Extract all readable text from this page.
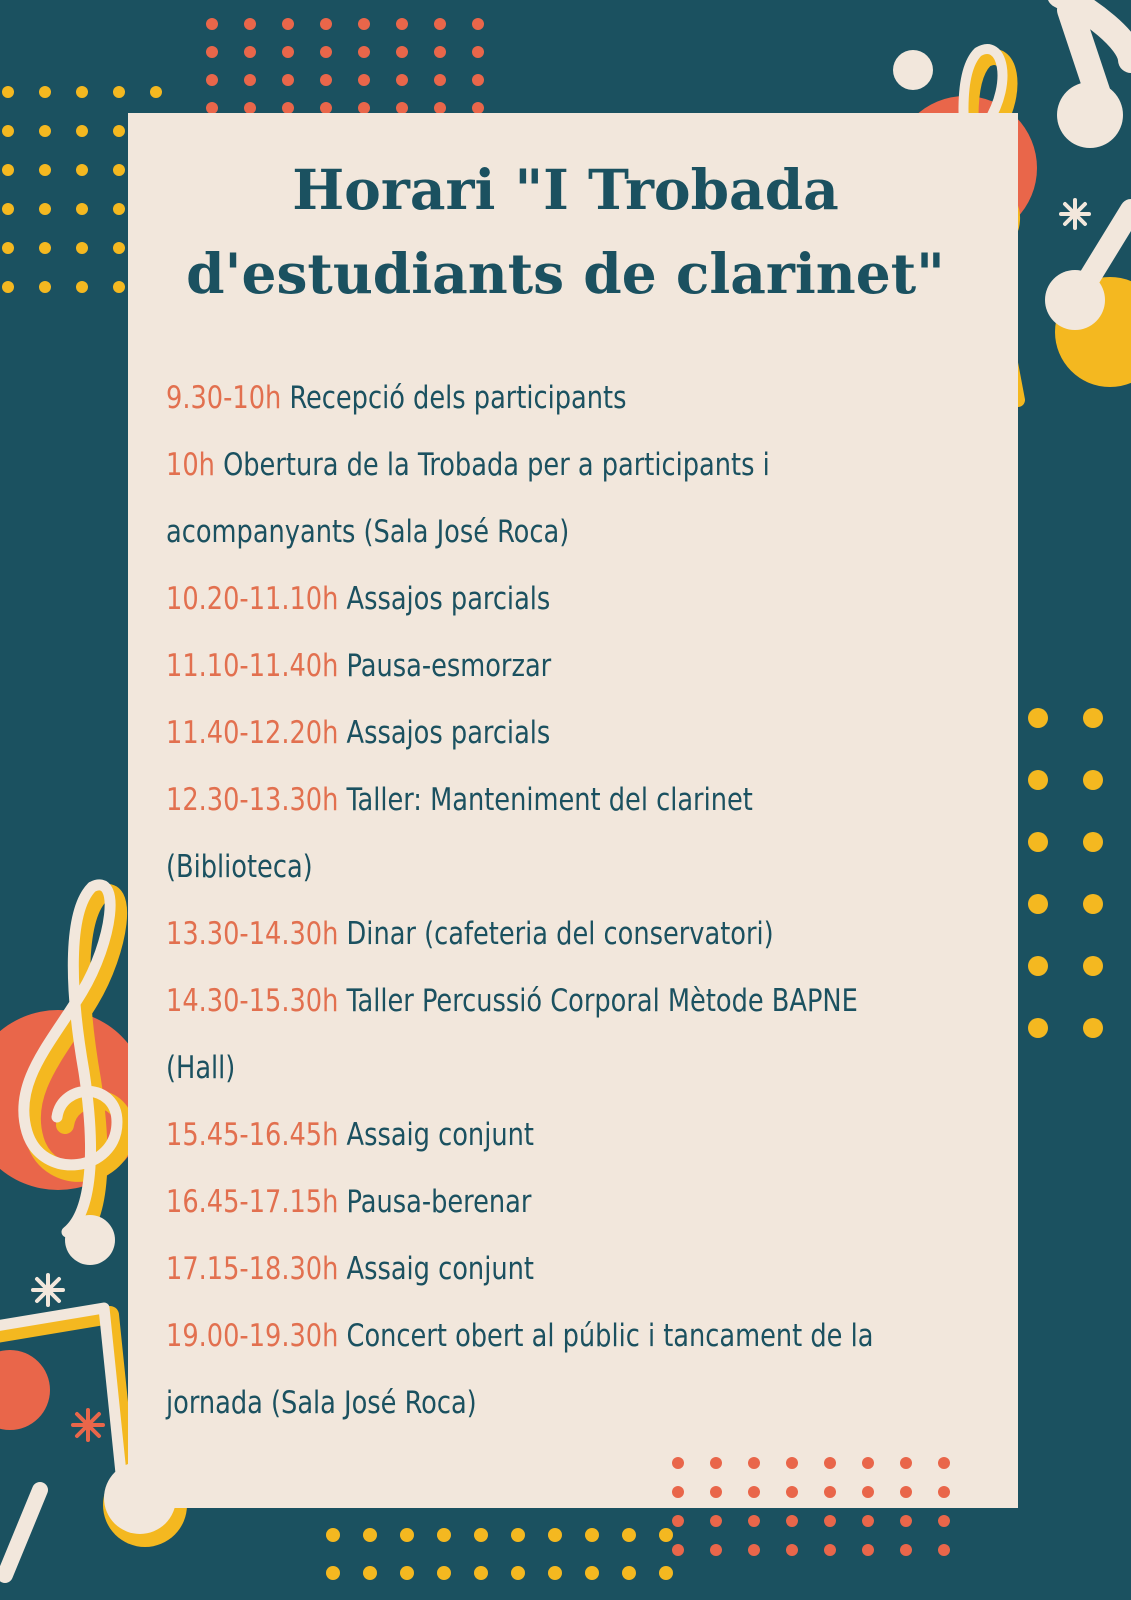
Horari "I Trobada
d'estudiants de clarinet"
9.30-10h Recepció dels participants
10h Obertura de la Trobada per a participants i acompanyants (Sala José Roca)
10.20-11.10h Assajos parcials
11.10-11.40h Pausa-esmorzar
11.40-12.20h Assajos parcials
12.30-13.30h Taller: Manteniment del clarinet (Biblioteca)
13.30-14.30h Dinar (cafeteria del conservatori)
14.30-15.30h Taller Percussió Corporal Mètode BAPNE (Hall)
15.45-16.45h Assaig conjunt
16.45-17.15h Pausa-berenar
17.15-18.30h Assaig conjunt
19.00-19.30h Concert obert al públic i tancament de la jornada (Sala José Roca)
